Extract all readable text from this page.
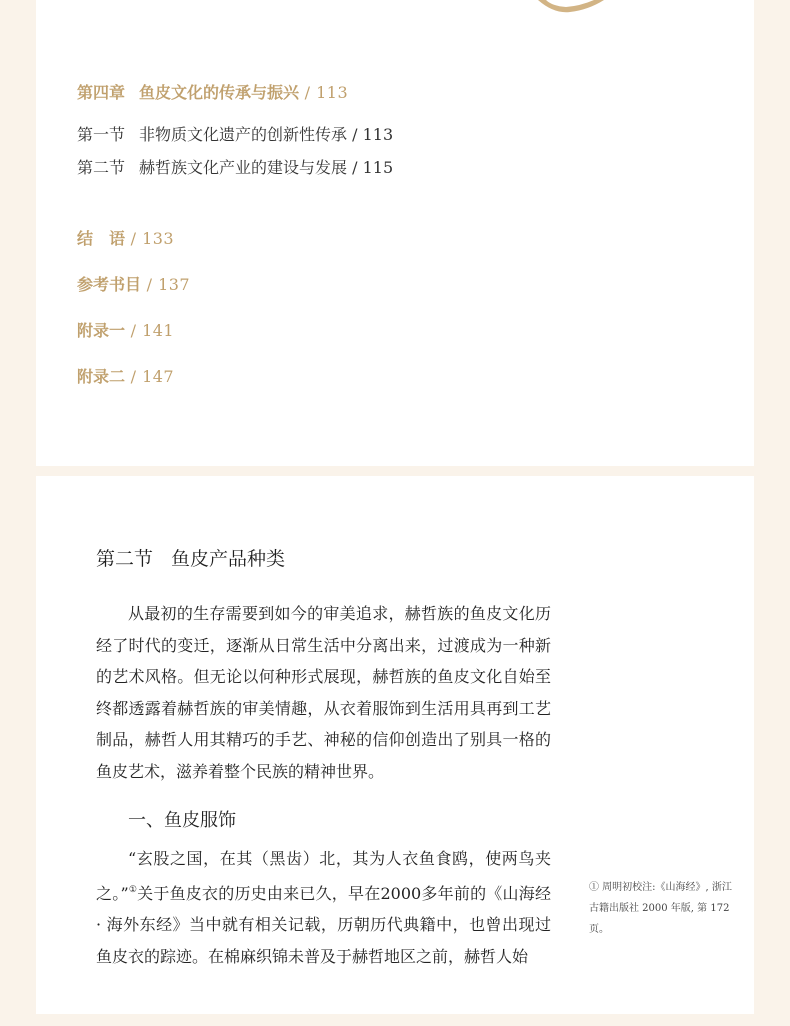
第四章 鱼皮文化的传承与振兴 / 113
第一节 非物质文化遗产的创新性传承 / 113
第二节 赫哲族文化产业的建设与发展 / 115
结　语 / 133
参考书目 / 137
附录一 / 141
附录二 / 147
第二节 鱼皮产品种类

从最初的生存需要到如今的审美追求，赫哲族的鱼皮文化历经了时代的变迁，逐渐从日常生活中分离出来，过渡成为一种新的艺术风格。但无论以何种形式展现，赫哲族的鱼皮文化自始至终都透露着赫哲族的审美情趣，从衣着服饰到生活用具再到工艺制品，赫哲人用其精巧的手艺、神秘的信仰创造出了别具一格的鱼皮艺术，滋养着整个民族的精神世界。

一、鱼皮服饰

“玄股之国，在其（黑齿）北，其为人衣鱼食鸥，使两鸟夹之。”①关于鱼皮衣的历史由来已久，早在2000多年前的《山海经 · 海外东经》当中就有相关记载，历朝历代典籍中，也曾出现过鱼皮衣的踪迹。在棉麻织锦未普及于赫哲地区之前，赫哲人始

① 周明初校注:《山海经》, 浙江古籍出版社 2000 年版, 第 172 页。
